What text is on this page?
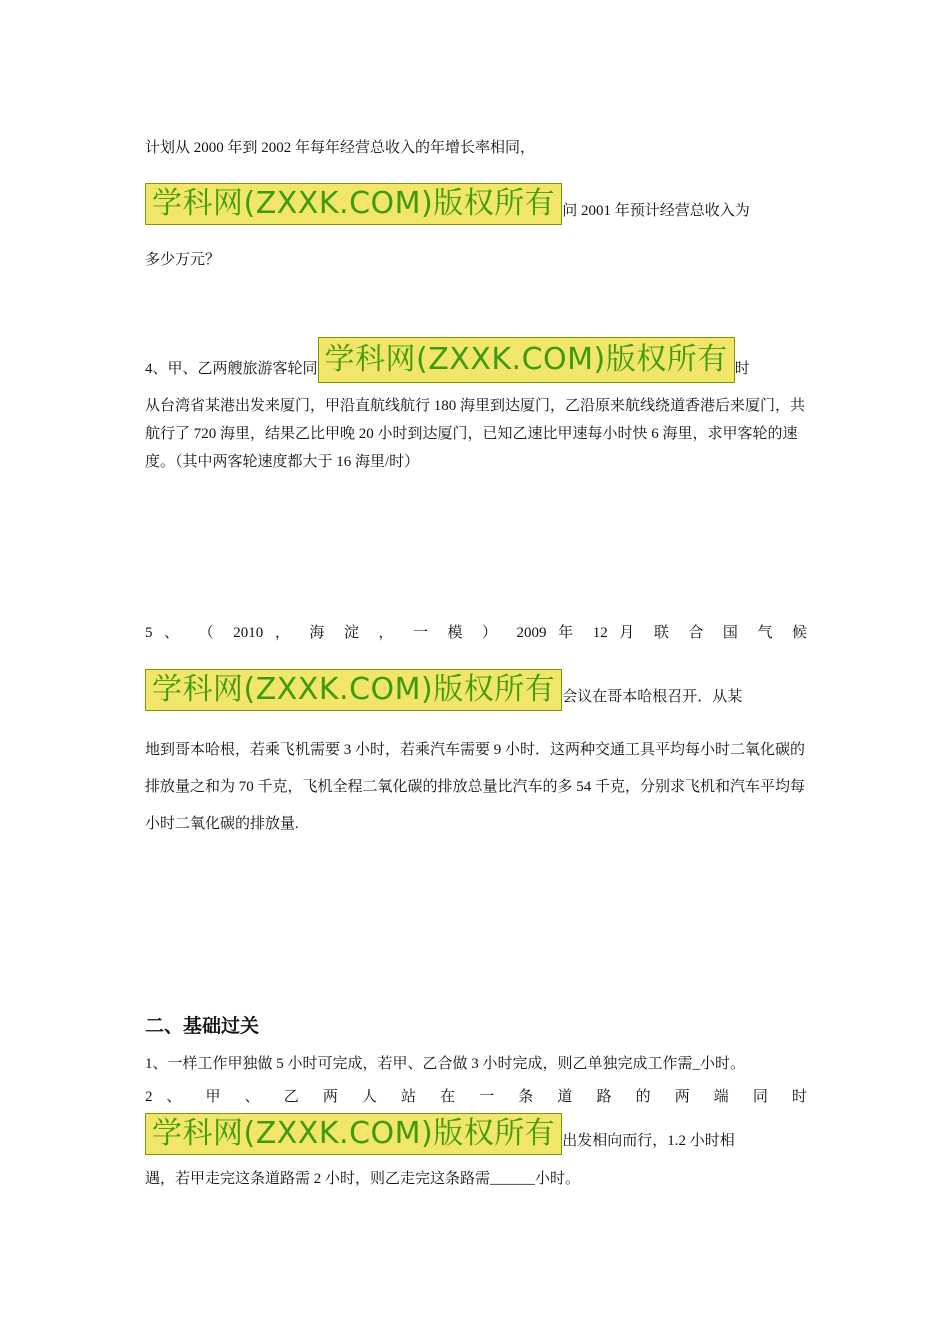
计划从 2000 年到 2002 年每年经营总收入的年增长率相同，

学科网(ZXXK.COM)版权所有 问 2001 年预计经营总收入为

多少万元？

4、甲、乙两艘旅游客轮同 学科网(ZXXK.COM)版权所有 时

从台湾省某港出发来厦门，甲沿直航线航行 180 海里到达厦门，乙沿原来航线绕道香港后来厦门，共航行了 720 海里，结果乙比甲晚 20 小时到达厦门，已知乙速比甲速每小时快 6 海里，求甲客轮的速度。（其中两客轮速度都大于 16 海里/时）

5 、 （ 2010 ， 海 淀 ， 一 模 ） 2009 年 12 月 联 合 国 气 候

学科网(ZXXK.COM)版权所有 会议在哥本哈根召开．从某

地到哥本哈根，若乘飞机需要 3 小时，若乘汽车需要 9 小时．这两种交通工具平均每小时二氧化碳的排放量之和为 70 千克，飞机全程二氧化碳的排放总量比汽车的多 54 千克，分别求飞机和汽车平均每小时二氧化碳的排放量.

二、基础过关

1、一样工作甲独做 5 小时可完成，若甲、乙合做 3 小时完成，则乙单独完成工作需_小时。

2 、 甲 、 乙 两 人 站 在 一 条 道 路 的 两 端 同 时

学科网(ZXXK.COM)版权所有 出发相向而行，1.2 小时相

遇，若甲走完这条道路需 2 小时，则乙走完这条路需______小时。
